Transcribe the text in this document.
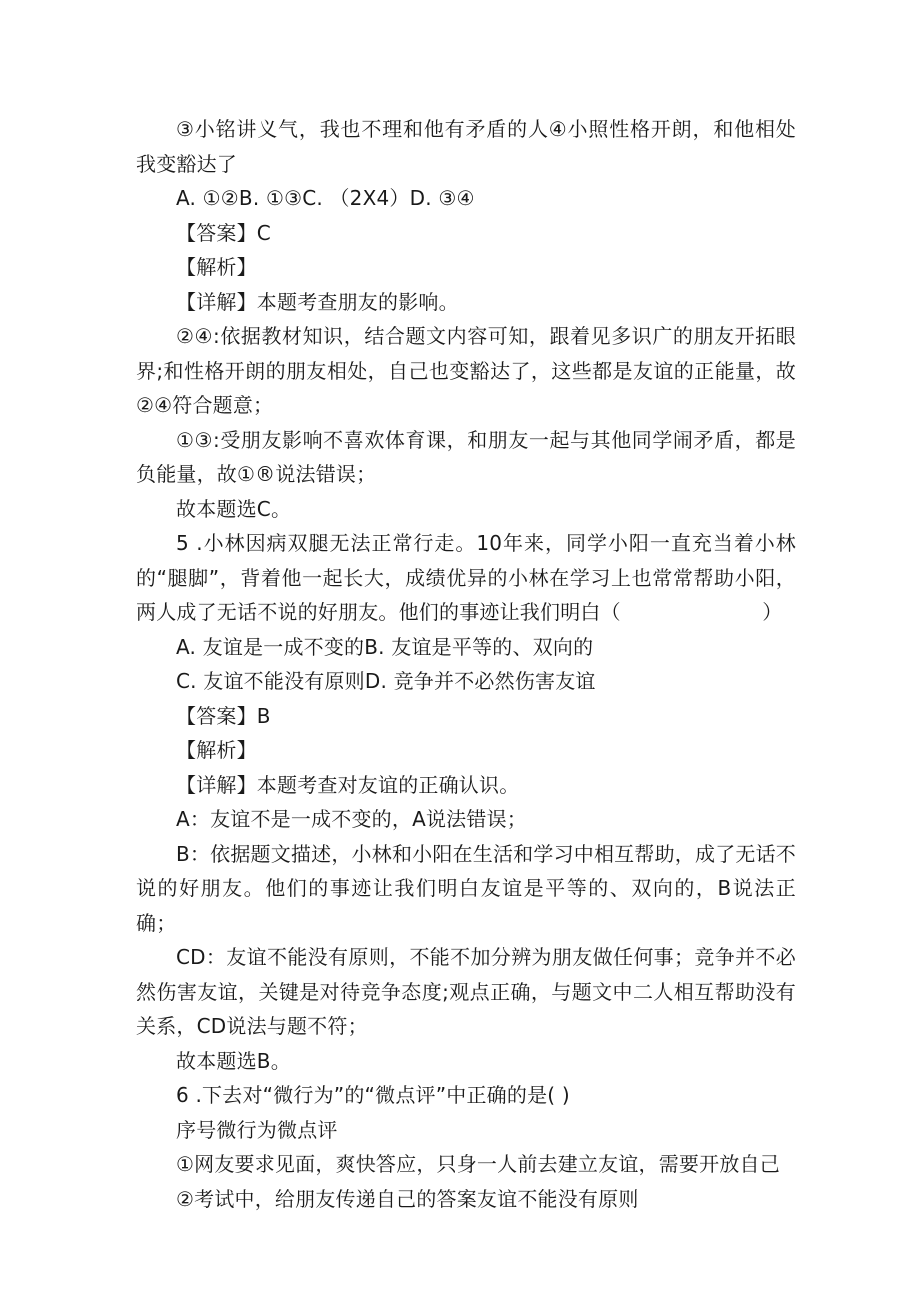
③小铭讲义气，我也不理和他有矛盾的人④小照性格开朗，和他相处我变豁达了

A. ①②B. ①③C. （2X4）D. ③④

【答案】C

【解析】

【详解】本题考查朋友的影响。

②④:依据教材知识，结合题文内容可知，跟着见多识广的朋友开拓眼界;和性格开朗的朋友相处，自己也变豁达了，这些都是友谊的正能量，故②④符合题意；

①③:受朋友影响不喜欢体育课，和朋友一起与其他同学闹矛盾，都是负能量，故①®说法错误；

故本题选C。

5 .小林因病双腿无法正常行走。10年来，同学小阳一直充当着小林的“腿脚”，背着他一起长大，成绩优异的小林在学习上也常常帮助小阳，两人成了无话不说的好朋友。他们的事迹让我们明白（　　　　　　　）

A. 友谊是一成不变的B. 友谊是平等的、双向的

C. 友谊不能没有原则D. 竞争并不必然伤害友谊

【答案】B

【解析】

【详解】本题考查对友谊的正确认识。

A：友谊不是一成不变的，A说法错误；

B：依据题文描述，小林和小阳在生活和学习中相互帮助，成了无话不说的好朋友。他们的事迹让我们明白友谊是平等的、双向的，B说法正确；

CD：友谊不能没有原则，不能不加分辨为朋友做任何事；竞争并不必然伤害友谊，关键是对待竞争态度;观点正确，与题文中二人相互帮助没有关系，CD说法与题不符；

故本题选B。

6 .下去对“微行为”的“微点评”中正确的是( )

序号微行为微点评

①网友要求见面，爽快答应，只身一人前去建立友谊，需要开放自己

②考试中，给朋友传递自己的答案友谊不能没有原则
